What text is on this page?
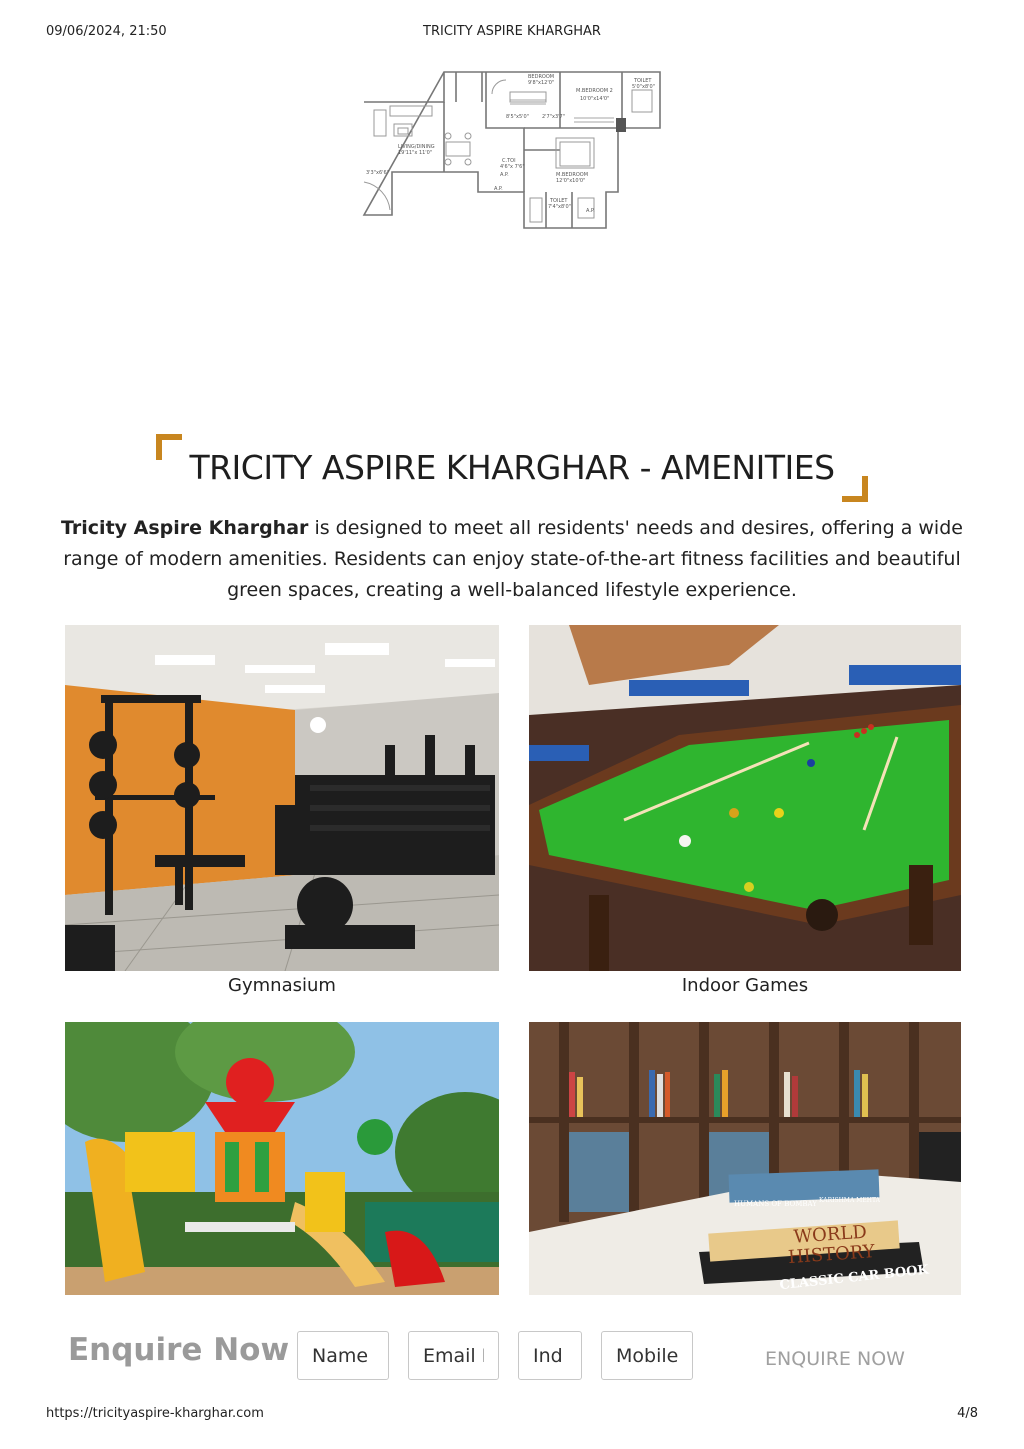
09/06/2024, 21:50	TRICITY ASPIRE KHARGHAR
BEDROOM
9'8"x12'0"
M.BEDROOM 2
10'0"x14'0"
TOILET
5'0"x8'0"
8'5"x5'0"	2'7"x3'7"
LIVING/DINING
19'11"x 11'0"
C.TOI
4'6"x 7'6"
M.BEDROOM
12'0"x10'0"
3'3"x6'6"	A.P.
A.P.
A.P.
TOILET
7'4"x8'0"
TRICITY ASPIRE KHARGHAR - AMENITIES

Tricity Aspire Kharghar is designed to meet all residents' needs and desires, offering a wide range of modern amenities. Residents can enjoy state-of-the-art fitness facilities and beautiful green spaces, creating a well-balanced lifestyle experience.

Gymnasium	Indoor Games
HUMANS OF BOMBAY KARISHMA MEHTA
WORLD
HISTORY
CLASSIC CAR BOOK
Enquire Now
Name
Email I
Ind
Mobile	ENQUIRE NOW
https://tricityaspire-kharghar.com	4/8
